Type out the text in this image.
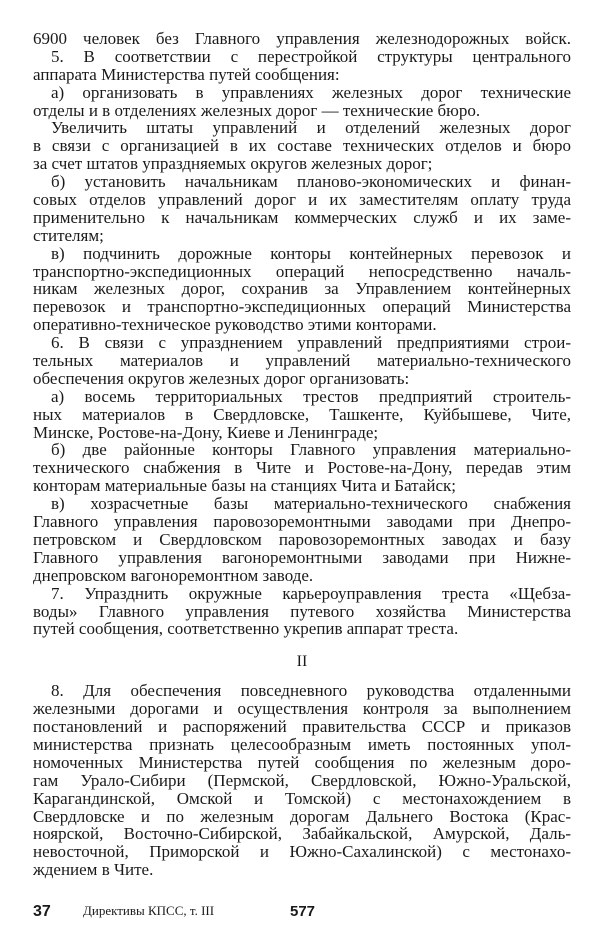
6900 человек без Главного управления железнодорожных войск.
5. В соответствии с перестройкой структуры центрального
аппарата Министерства путей сообщения:
а) организовать в управлениях железных дорог технические
отделы и в отделениях железных дорог — технические бюро.
Увеличить штаты управлений и отделений железных дорог
в связи с организацией в их составе технических отделов и бюро
за счет штатов упраздняемых округов железных дорог;
б) установить начальникам планово-экономических и финан-
совых отделов управлений дорог и их заместителям оплату труда
применительно к начальникам коммерческих служб и их заме-
стителям;
в) подчинить дорожные конторы контейнерных перевозок и
транспортно-экспедиционных операций непосредственно началь-
никам железных дорог, сохранив за Управлением контейнерных
перевозок и транспортно-экспедиционных операций Министерства
оперативно-техническое руководство этими конторами.
6. В связи с упразднением управлений предприятиями строи-
тельных материалов и управлений материально-технического
обеспечения округов железных дорог организовать:
а) восемь территориальных трестов предприятий строитель-
ных материалов в Свердловске, Ташкенте, Куйбышеве, Чите,
Минске, Ростове-на-Дону, Киеве и Ленинграде;
б) две районные конторы Главного управления материально-
технического снабжения в Чите и Ростове-на-Дону, передав этим
конторам материальные базы на станциях Чита и Батайск;
в) хозрасчетные базы материально-технического снабжения
Главного управления паровозоремонтными заводами при Днепро-
петровском и Свердловском паровозоремонтных заводах и базу
Главного управления вагоноремонтными заводами при Нижне-
днепровском вагоноремонтном заводе.
7. Упразднить окружные карьероуправления треста «Щебза-
воды» Главного управления путевого хозяйства Министерства
путей сообщения, соответственно укрепив аппарат треста.
II
8. Для обеспечения повседневного руководства отдаленными
железными дорогами и осуществления контроля за выполнением
постановлений и распоряжений правительства СССР и приказов
министерства признать целесообразным иметь постоянных упол-
номоченных Министерства путей сообщения по железным доро-
гам Урало-Сибири (Пермской, Свердловской, Южно-Уральской,
Карагандинской, Омской и Томской) с местонахождением в
Свердловске и по железным дорогам Дальнего Востока (Крас-
ноярской, Восточно-Сибирской, Забайкальской, Амурской, Даль-
невосточной, Приморской и Южно-Сахалинской) с местонахо-
ждением в Чите.
37 Директивы КПСС, т. III	577
